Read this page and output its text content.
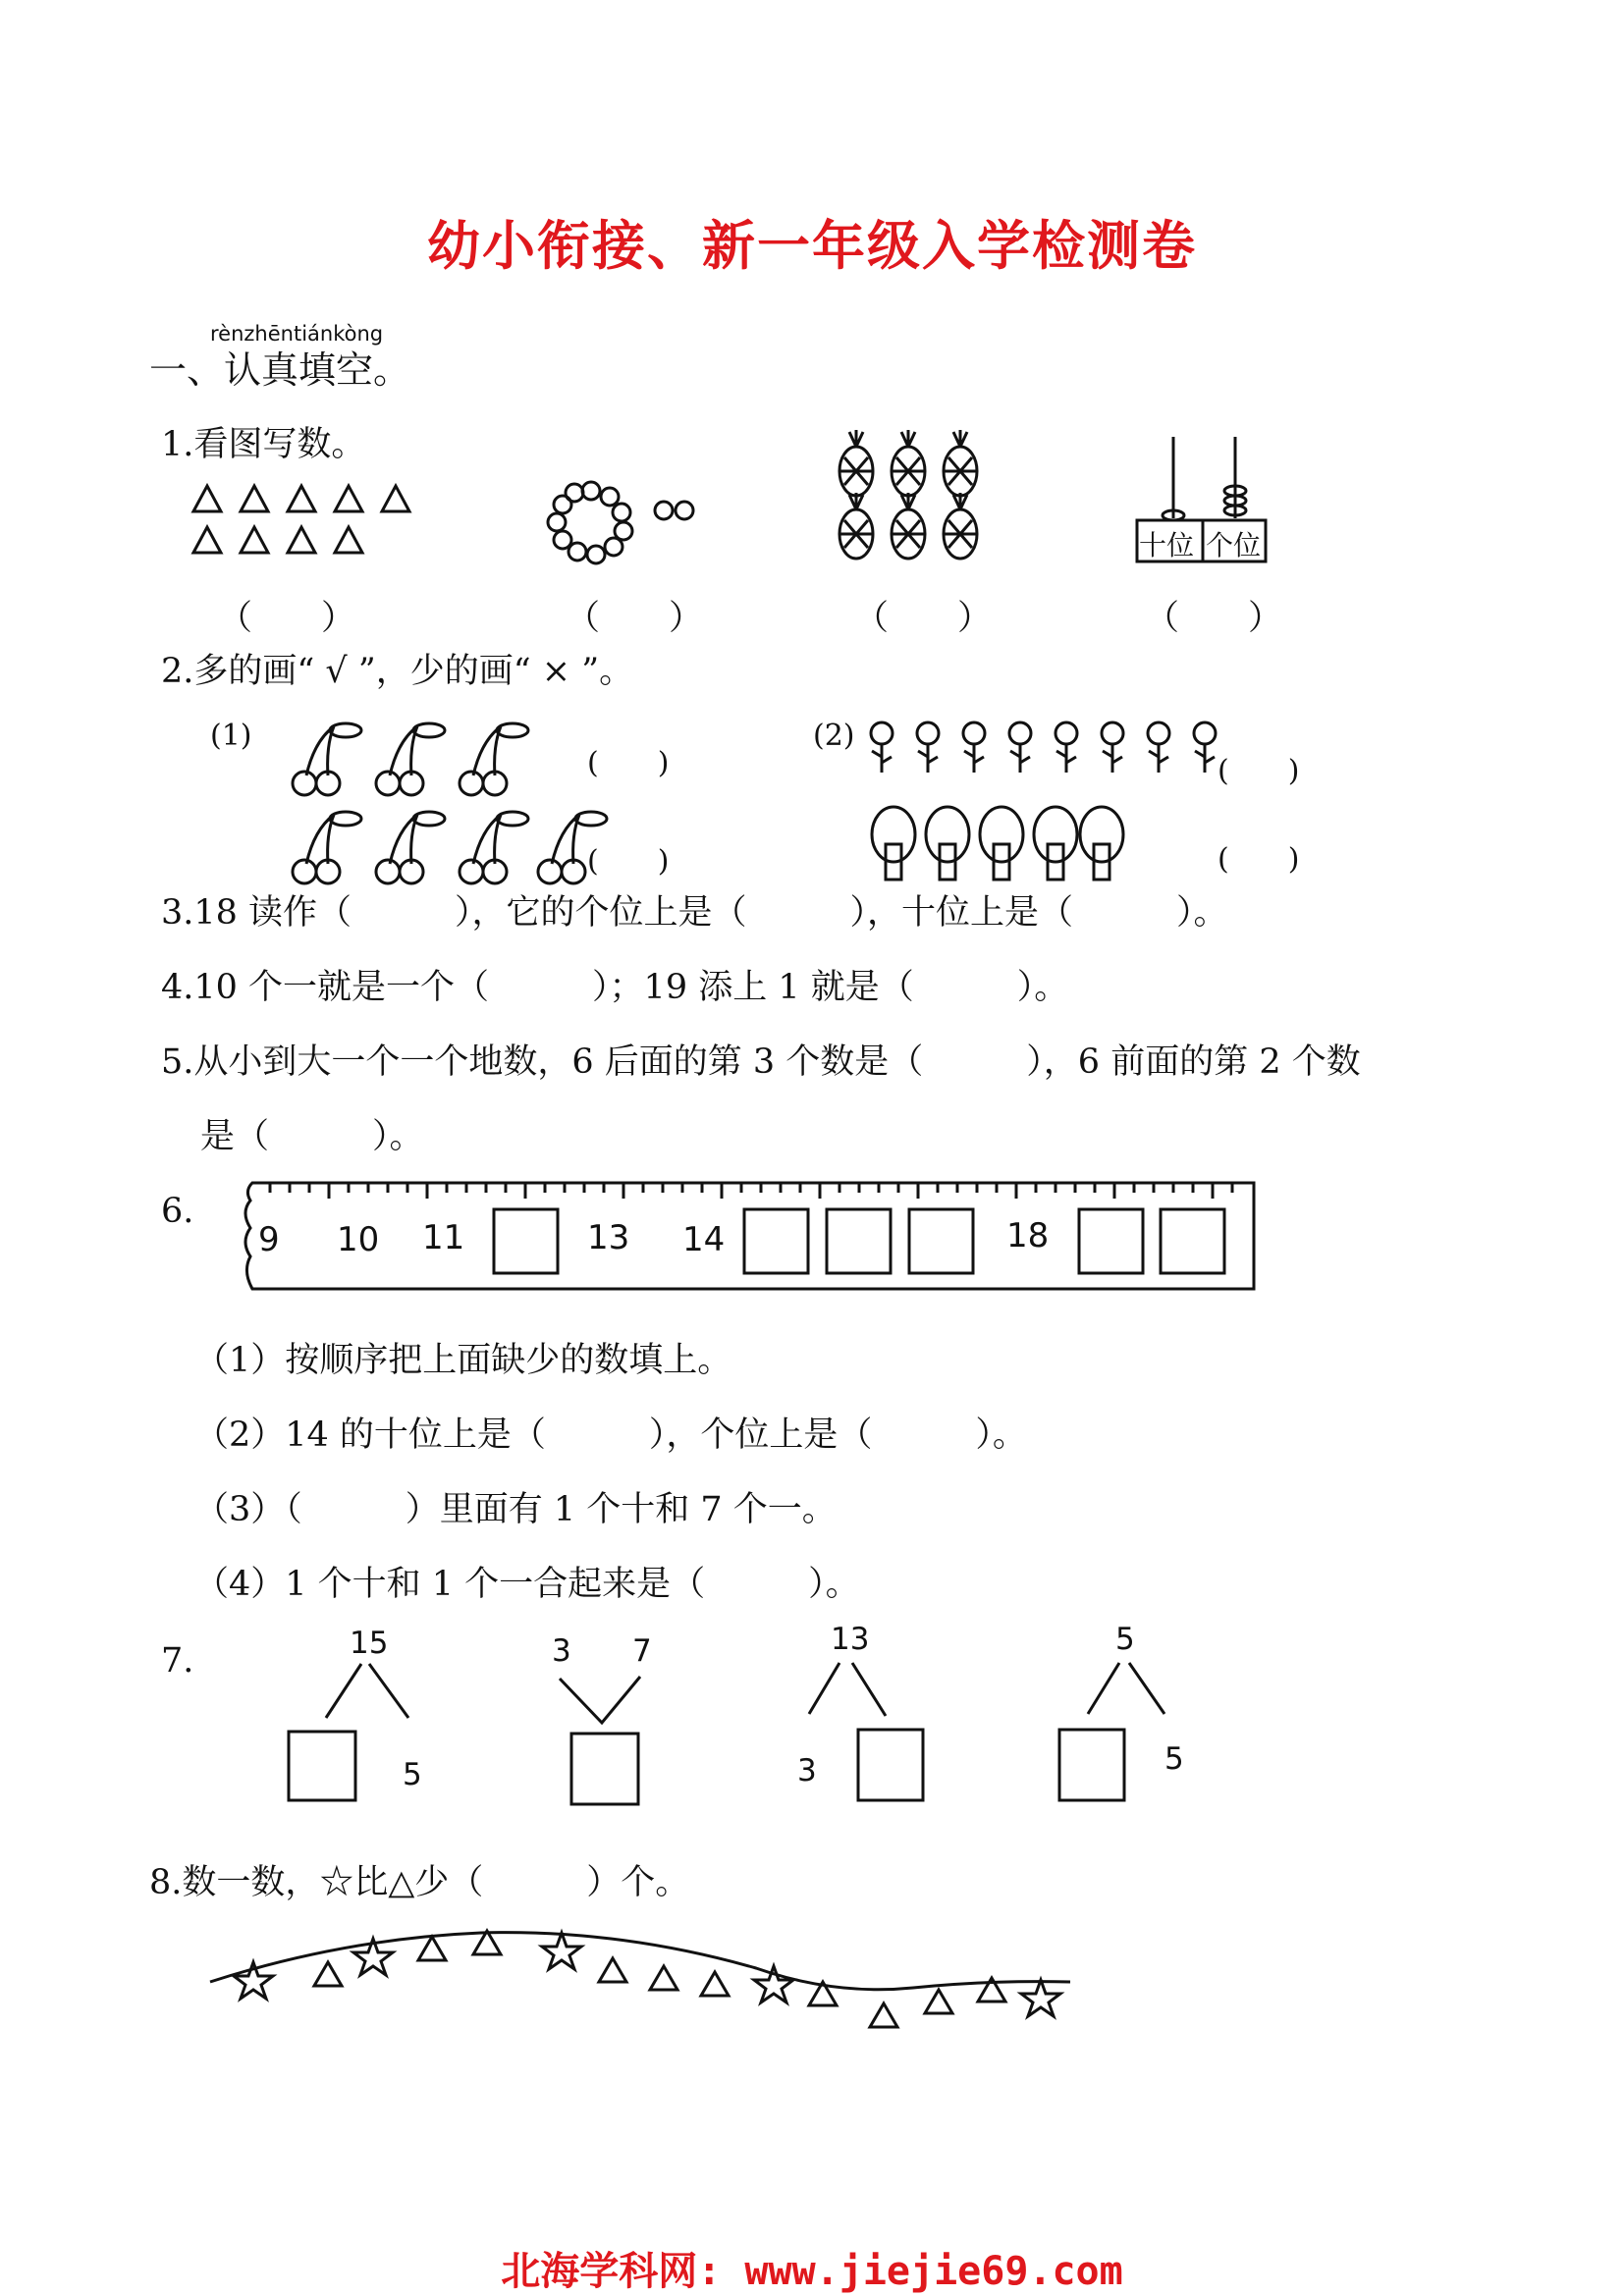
幼小衔接、新一年级入学检测卷
rènzhēntiánkòng
一、认真填空。
1.看图写数。
十位 个位
（　　）	（　　）	（　　）	（　　）
2.多的画“ √ ”，少的画“ × ”。
(1)	(2)
(　　)
(　　)
(　　)
(　　)
3.18 读作（　　　），它的个位上是（　　　），十位上是（　　　）。
4.10 个一就是一个（　　　）；19 添上 1 就是（　　　）。
5.从小到大一个一个地数，6 后面的第 3 个数是（　　　），6 前面的第 2 个数
是（　　　）。
6.
9 10 11	13 14	18
（1）按顺序把上面缺少的数填上。
（2）14 的十位上是（　　　），个位上是（　　　）。
（3）（　　　）里面有 1 个十和 7 个一。
（4）1 个十和 1 个一合起来是（　　　）。
7.	15
5
3 7	13
3
5
5
8.数一数，☆比△少（　　　）个。
北海学科网: www.jiejie69.com
